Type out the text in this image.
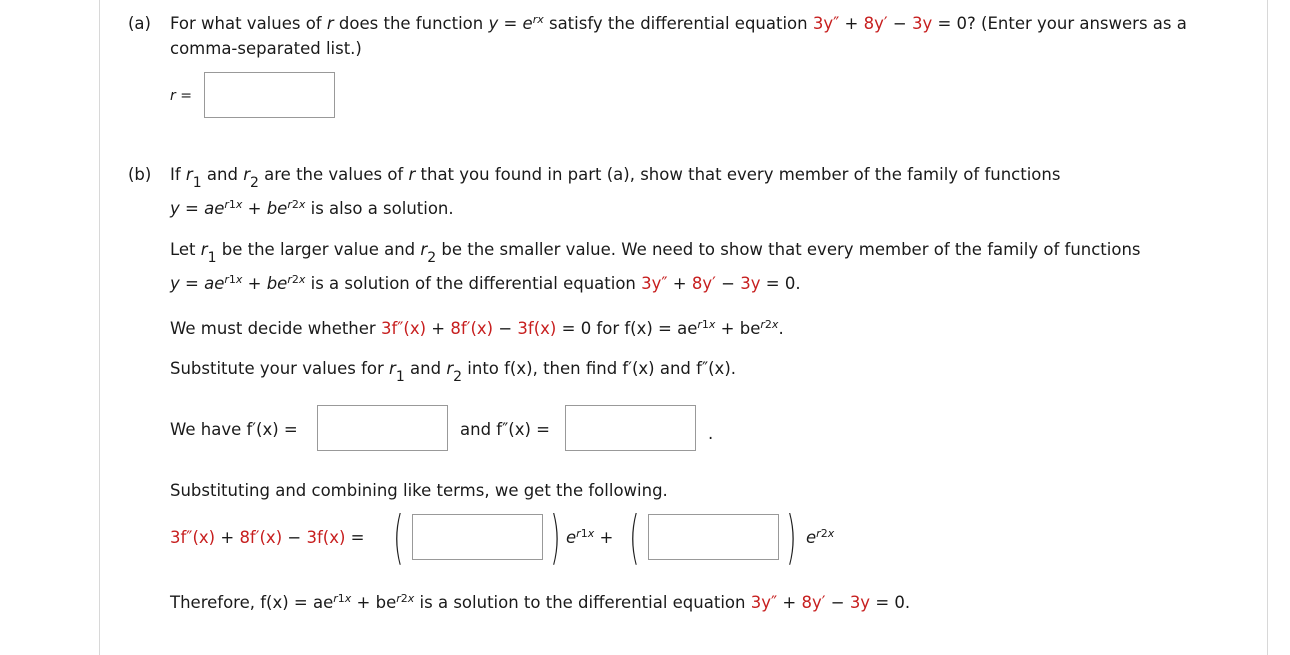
(a) For what values of r does the function $y = e^{rx}$ satisfy the differential equation 3y″ + 8y′ − 3y = 0? (Enter your answers as a
comma-separated list.)
r =
(b) If $r_1$ and $r_2$ are the values of r that you found in part (a), show that every member of the family of functions
$y = ae^{r1x} + be^{r2x}$ is also a solution.
Let $r_1$ be the larger value and $r_2$ be the smaller value. We need to show that every member of the family of functions
$y = ae^{r1x} + be^{r2x}$ is a solution of the differential equation 3y″ + 8y′ − 3y = 0.
We must decide whether 3f″(x) + 8f′(x) − 3f(x) = 0 for $f(x) = ae^{r1x} + be^{r2x}$.
Substitute your values for $r_1$ and $r_2$ into f(x), then find f′(x) and f″(x).
We have f′(x) =	and f″(x) =	.
Substituting and combining like terms, we get the following.
3f″(x) + 8f′(x) − 3f(x) = (	) $e^{r1x}$ + (	) $e^{r2x}$
Therefore, $f(x) = ae^{r1x} + be^{r2x}$ is a solution to the differential equation 3y″ + 8y′ − 3y = 0.
